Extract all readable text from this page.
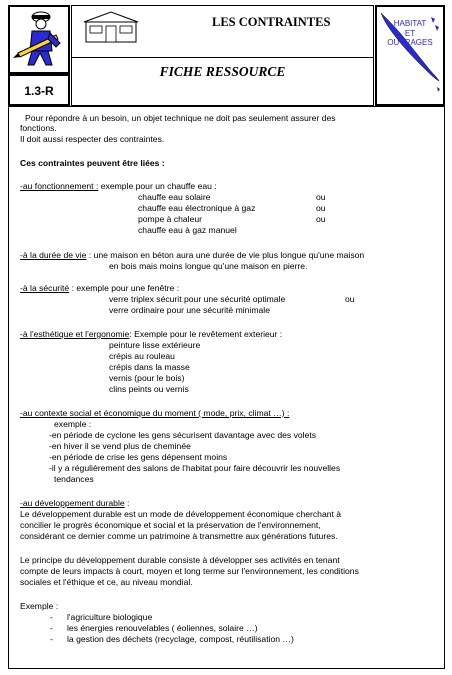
1.3-R
LES CONTRAINTES
FICHE RESSOURCE
HABITAT
ET
OUVRAGES
Pour répondre à un besoin, un objet technique ne doit pas seulement assurer des
fonctions.
Il doit aussi respecter des contraintes.
Ces contraintes peuvent être liées :
-au fonctionnement : exemple pour un chauffe eau :
chauffe eau solaire	ou
chauffe eau électronique à gaz	ou
pompe à chaleur	ou
chauffe eau à gaz manuel
-à la durée de vie : une maison en béton aura une durée de vie plus longue qu'une maison
en bois mais moins longue qu'une maison en pierre.
-à la sécurité : exemple pour une fenêtre :
verre triplex sécurit pour une sécurité optimale	ou
verre ordinaire pour une sécurité minimale
-à l'esthétique et l'ergonomie: Exemple pour le revêtement exterieur :
peinture lisse extérieure
crépis au rouleau
crépis dans la masse
vernis (pour le bois)
clins peints ou vernis
-au contexte social et économique du moment ( mode, prix, climat …) :
exemple :
-en période de cyclone les gens sécurisent davantage avec des volets
-en hiver il se vend plus de cheminée
-en période de crise les gens dépensent moins
-il y a régulièrement des salons de l'habitat pour faire découvrir les nouvelles
tendances
-au développement durable :
Le développement durable est un mode de développement économique cherchant à
concilier le progrès économique et social et la préservation de l'environnement,
considérant ce dernier comme un patrimoine à transmettre aux générations futures.
Le principe du développement durable consiste à développer ses activités en tenant
compte de leurs impacts à court, moyen et long terme sur l'environnement, les conditions
sociales et l'éthique et ce, au niveau mondial.
Exemple :
- l'agriculture biologique
- les énergies renouvelables ( éoliennes, solaire …)
- la gestion des déchets (recyclage, compost, réutilisation …)
